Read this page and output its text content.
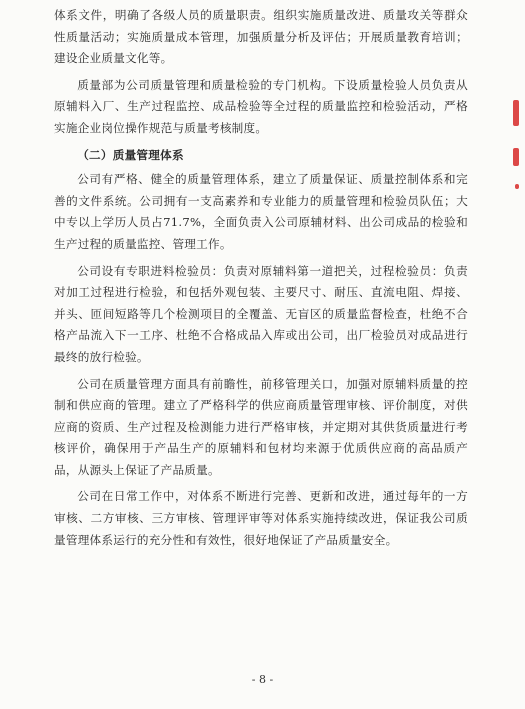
体系文件，明确了各级人员的质量职责。组织实施质量改进、质量攻关等群众性质量活动；实施质量成本管理，加强质量分析及评估；开展质量教育培训；建设企业质量文化等。

质量部为公司质量管理和质量检验的专门机构。下设质量检验人员负责从原辅料入厂、生产过程监控、成品检验等全过程的质量监控和检验活动，严格实施企业岗位操作规范与质量考核制度。

（二）质量管理体系

公司有严格、健全的质量管理体系，建立了质量保证、质量控制体系和完善的文件系统。公司拥有一支高素养和专业能力的质量管理和检验员队伍；大中专以上学历人员占71.7%，全面负责入公司原辅材料、出公司成品的检验和生产过程的质量监控、管理工作。

公司设有专职进料检验员：负责对原辅料第一道把关，过程检验员：负责对加工过程进行检验，和包括外观包装、主要尺寸、耐压、直流电阻、焊接、并头、匝间短路等几个检测项目的全覆盖、无盲区的质量监督检查，杜绝不合格产品流入下一工序、杜绝不合格成品入库或出公司，出厂检验员对成品进行最终的放行检验。

公司在质量管理方面具有前瞻性，前移管理关口，加强对原辅料质量的控制和供应商的管理。建立了严格科学的供应商质量管理审核、评价制度，对供应商的资质、生产过程及检测能力进行严格审核，并定期对其供货质量进行考核评价，确保用于产品生产的原辅料和包材均来源于优质供应商的高品质产品，从源头上保证了产品质量。

公司在日常工作中，对体系不断进行完善、更新和改进，通过每年的一方审核、二方审核、三方审核、管理评审等对体系实施持续改进，保证我公司质量管理体系运行的充分性和有效性，很好地保证了产品质量安全。

- 8 -
